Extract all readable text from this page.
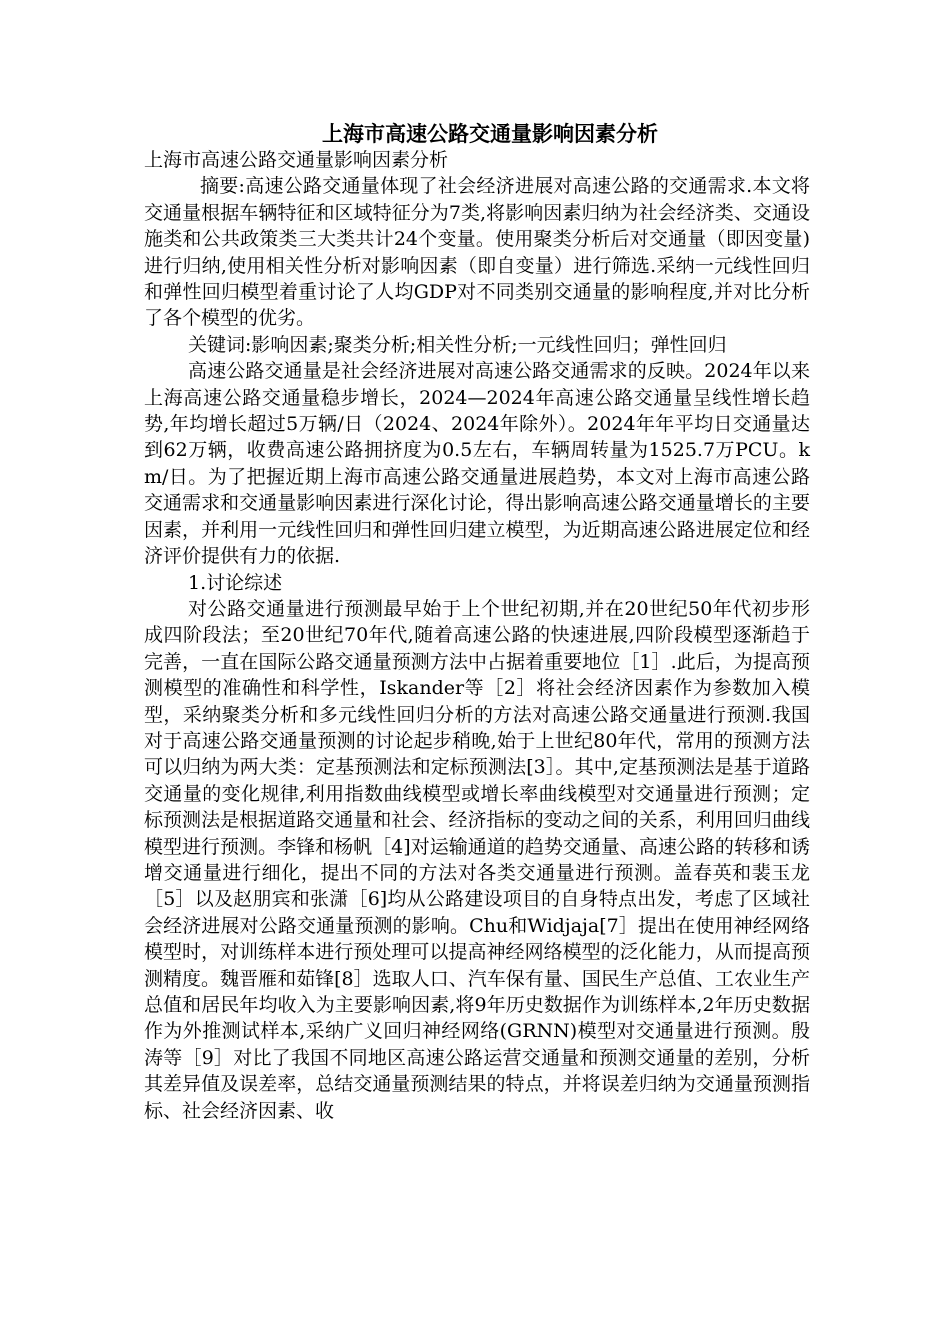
上海市高速公路交通量影响因素分析
上海市高速公路交通量影响因素分析

摘要:高速公路交通量体现了社会经济进展对高速公路的交通需求.本文将交通量根据车辆特征和区域特征分为7类,将影响因素归纳为社会经济类、交通设施类和公共政策类三大类共计24个变量。使用聚类分析后对交通量（即因变量)进行归纳,使用相关性分析对影响因素（即自变量）进行筛选.采纳一元线性回归和弹性回归模型着重讨论了人均GDP对不同类别交通量的影响程度,并对比分析了各个模型的优劣。

关键词:影响因素;聚类分析;相关性分析;一元线性回归；弹性回归

高速公路交通量是社会经济进展对高速公路交通需求的反映。2024年以来上海高速公路交通量稳步增长，2024—2024年高速公路交通量呈线性增长趋势,年均增长超过5万辆/日（2024、2024年除外）。2024年年平均日交通量达到62万辆，收费高速公路拥挤度为0.5左右，车辆周转量为1525.7万PCU。km/日。为了把握近期上海市高速公路交通量进展趋势，本文对上海市高速公路交通需求和交通量影响因素进行深化讨论，得出影响高速公路交通量增长的主要因素，并利用一元线性回归和弹性回归建立模型，为近期高速公路进展定位和经济评价提供有力的依据.

1.讨论综述

对公路交通量进行预测最早始于上个世纪初期,并在20世纪50年代初步形成四阶段法；至20世纪70年代,随着高速公路的快速进展,四阶段模型逐渐趋于完善，一直在国际公路交通量预测方法中占据着重要地位［1］.此后，为提高预测模型的准确性和科学性，Iskander等［2］将社会经济因素作为参数加入模型，采纳聚类分析和多元线性回归分析的方法对高速公路交通量进行预测.我国对于高速公路交通量预测的讨论起步稍晚,始于上世纪80年代，常用的预测方法可以归纳为两大类：定基预测法和定标预测法[3］。其中,定基预测法是基于道路交通量的变化规律,利用指数曲线模型或增长率曲线模型对交通量进行预测；定标预测法是根据道路交通量和社会、经济指标的变动之间的关系，利用回归曲线模型进行预测。李锋和杨帆［4]对运输通道的趋势交通量、高速公路的转移和诱增交通量进行细化，提出不同的方法对各类交通量进行预测。盖春英和裴玉龙［5］以及赵朋宾和张潇［6]均从公路建设项目的自身特点出发，考虑了区域社会经济进展对公路交通量预测的影响。Chu和Widjaja[7］提出在使用神经网络模型时，对训练样本进行预处理可以提高神经网络模型的泛化能力，从而提高预测精度。魏晋雁和茹锋[8］选取人口、汽车保有量、国民生产总值、工农业生产总值和居民年均收入为主要影响因素,将9年历史数据作为训练样本,2年历史数据作为外推测试样本,采纳广义回归神经网络(GRNN)模型对交通量进行预测。殷涛等［9］对比了我国不同地区高速公路运营交通量和预测交通量的差别，分析其差异值及误差率，总结交通量预测结果的特点，并将误差归纳为交通量预测指标、社会经济因素、收
